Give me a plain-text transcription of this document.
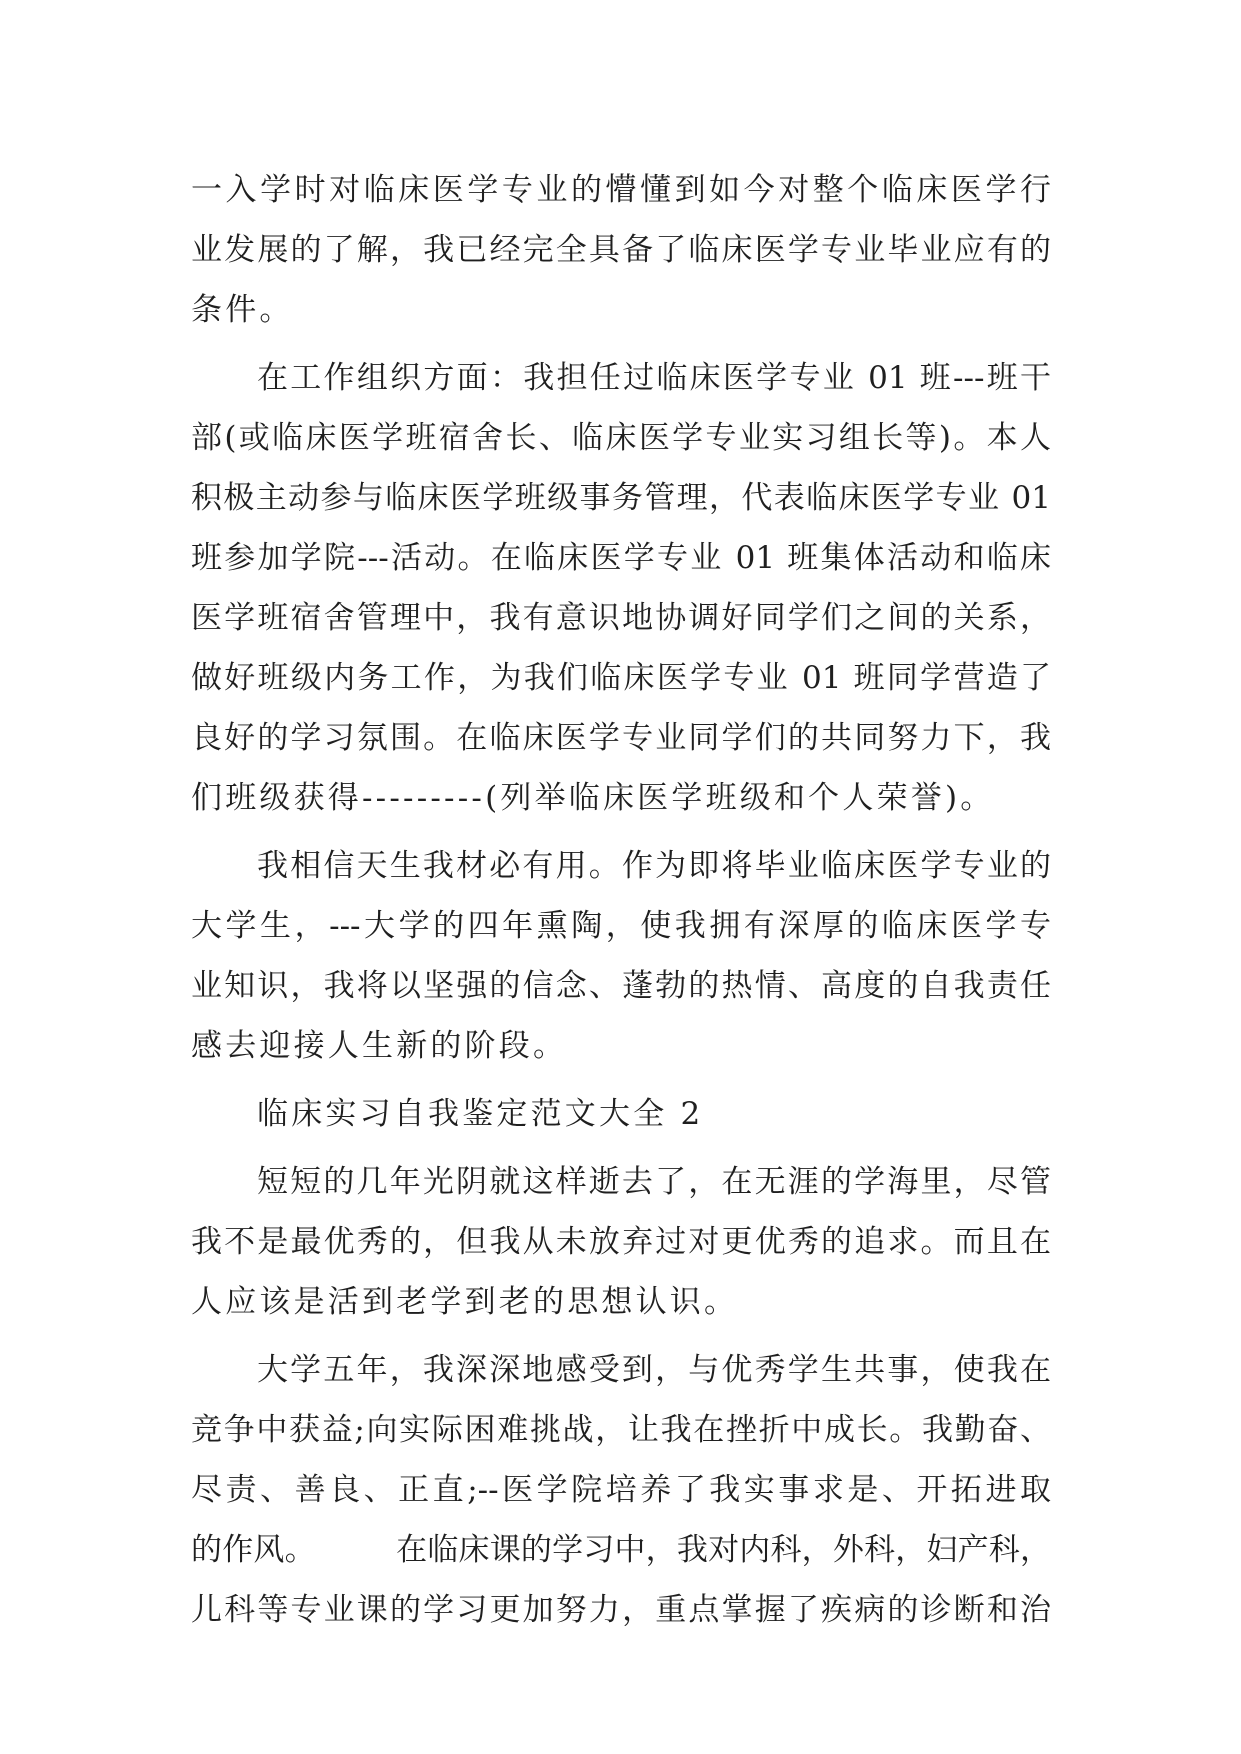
一入学时对临床医学专业的懵懂到如今对整个临床医学行
业发展的了解，我已经完全具备了临床医学专业毕业应有的
条件。
在工作组织方面：我担任过临床医学专业 01 班---班干
部(或临床医学班宿舍长、临床医学专业实习组长等)。本人
积极主动参与临床医学班级事务管理，代表临床医学专业 01
班参加学院---活动。在临床医学专业 01 班集体活动和临床
医学班宿舍管理中，我有意识地协调好同学们之间的关系，
做好班级内务工作，为我们临床医学专业 01 班同学营造了
良好的学习氛围。在临床医学专业同学们的共同努力下，我
们班级获得---------(列举临床医学班级和个人荣誉)。
我相信天生我材必有用。作为即将毕业临床医学专业的
大学生，---大学的四年熏陶，使我拥有深厚的临床医学专
业知识，我将以坚强的信念、蓬勃的热情、高度的自我责任
感去迎接人生新的阶段。
临床实习自我鉴定范文大全 2
短短的几年光阴就这样逝去了，在无涯的学海里，尽管
我不是最优秀的，但我从未放弃过对更优秀的追求。而且在
人应该是活到老学到老的思想认识。
大学五年，我深深地感受到，与优秀学生共事，使我在
竞争中获益;向实际困难挑战，让我在挫折中成长。我勤奋、
尽责、善良、正直;--医学院培养了我实事求是、开拓进取
的作风。        在临床课的学习中，我对内科，外科，妇产科，
儿科等专业课的学习更加努力，重点掌握了疾病的诊断和治
